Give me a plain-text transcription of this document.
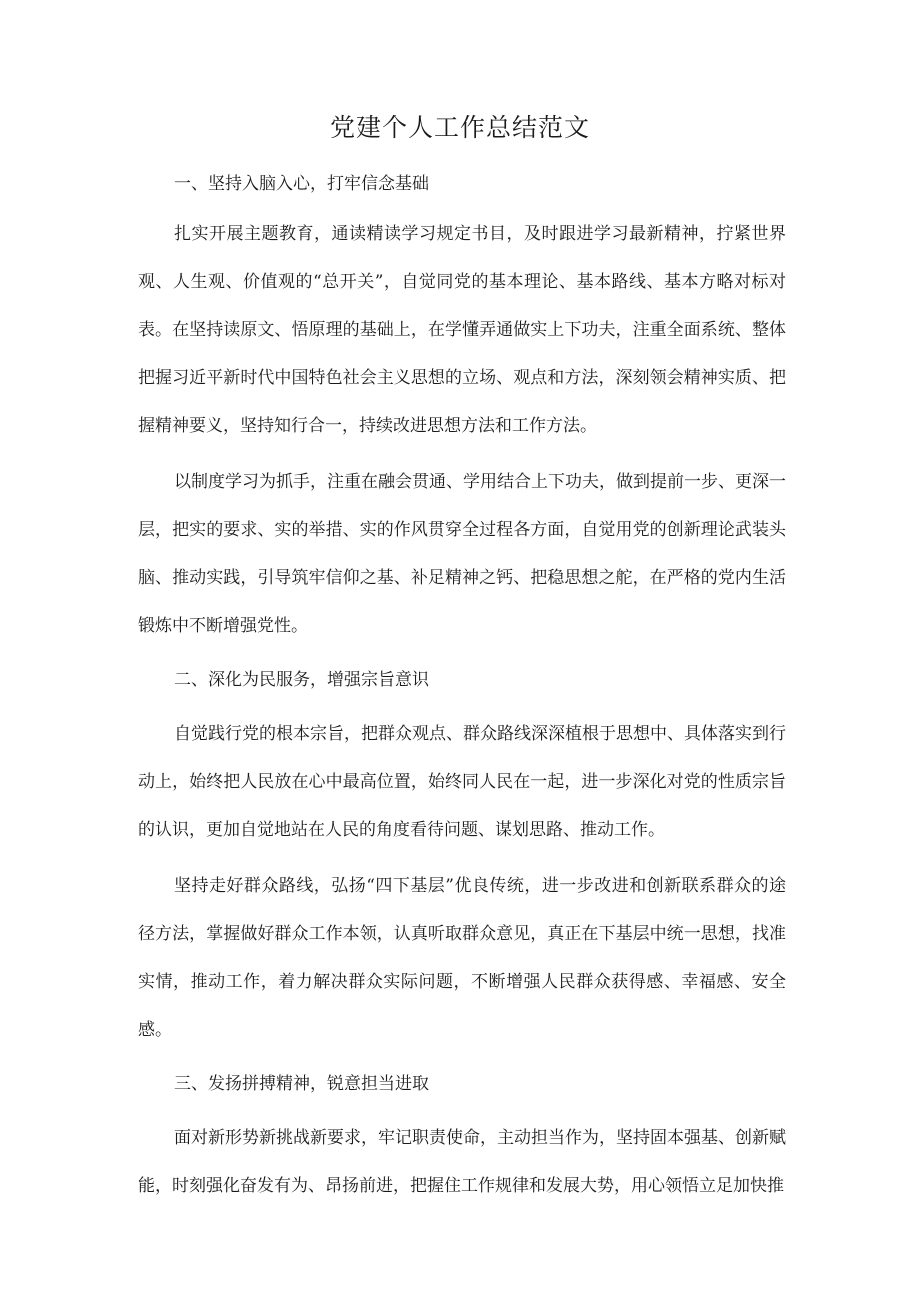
党建个人工作总结范文

一、坚持入脑入心，打牢信念基础

扎实开展主题教育，通读精读学习规定书目，及时跟进学习最新精神，拧紧世界观、人生观、价值观的“总开关”，自觉同党的基本理论、基本路线、基本方略对标对表。在坚持读原文、悟原理的基础上，在学懂弄通做实上下功夫，注重全面系统、整体把握习近平新时代中国特色社会主义思想的立场、观点和方法，深刻领会精神实质、把握精神要义，坚持知行合一，持续改进思想方法和工作方法。

以制度学习为抓手，注重在融会贯通、学用结合上下功夫，做到提前一步、更深一层，把实的要求、实的举措、实的作风贯穿全过程各方面，自觉用党的创新理论武装头脑、推动实践，引导筑牢信仰之基、补足精神之钙、把稳思想之舵，在严格的党内生活锻炼中不断增强党性。

二、深化为民服务，增强宗旨意识

自觉践行党的根本宗旨，把群众观点、群众路线深深植根于思想中、具体落实到行动上，始终把人民放在心中最高位置，始终同人民在一起，进一步深化对党的性质宗旨的认识，更加自觉地站在人民的角度看待问题、谋划思路、推动工作。

坚持走好群众路线，弘扬“四下基层”优良传统，进一步改进和创新联系群众的途径方法，掌握做好群众工作本领，认真听取群众意见，真正在下基层中统一思想，找准实情，推动工作，着力解决群众实际问题，不断增强人民群众获得感、幸福感、安全感。

三、发扬拼搏精神，锐意担当进取

面对新形势新挑战新要求，牢记职责使命，主动担当作为，坚持固本强基、创新赋能，时刻强化奋发有为、昂扬前进，把握住工作规律和发展大势，用心领悟立足加快推
